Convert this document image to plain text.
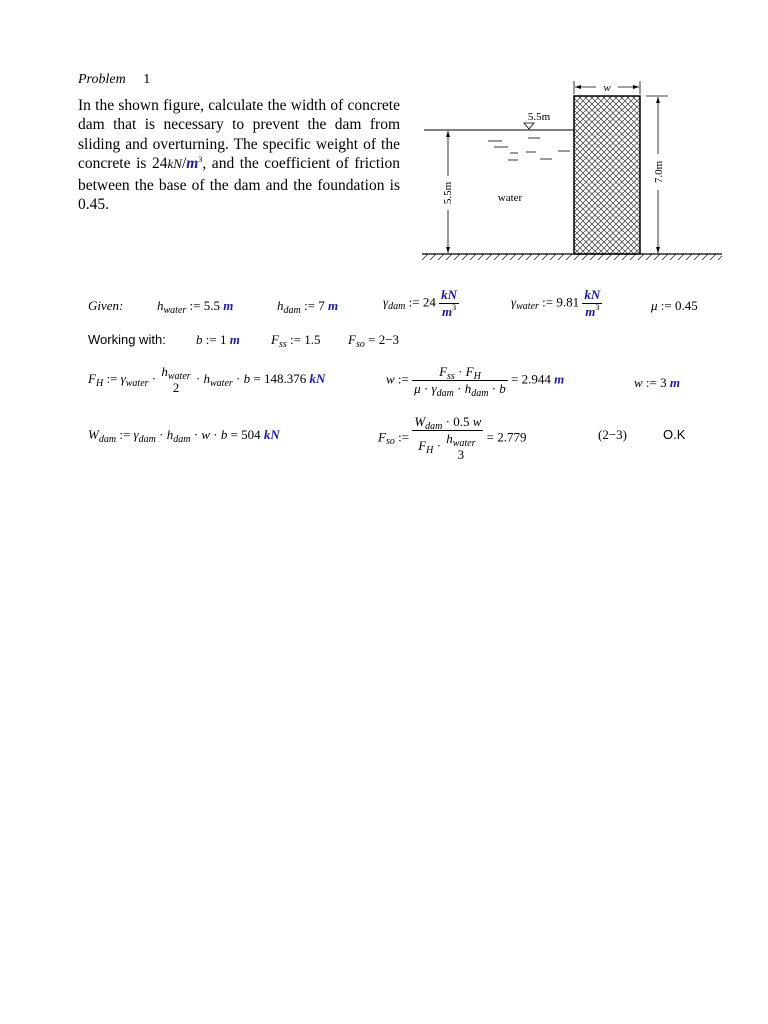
Problem 1
In the shown figure, calculate the width of concrete dam that is necessary to prevent the dam from sliding and overturning. The specific weight of the concrete is $24kN/m^3$, and the coefficient of friction between the base of the dam and the foundation is 0.45.
w
5.5m
5.5m	water
7.0m
Given:	$h_{water}$ := 5.5 m	$h_{dam}$ := 7 m	$\gamma_{dam}$ := $24 \frac{kN}{m^3}$	$\gamma_{water}$ := $9.81 \frac{kN}{m^3}$	μ := 0.45
Working with: b := 1 m $F_{ss}$ := 1.5 $F_{so} = 2-3$
$F_H$ := $\gamma_{water} \cdot h_{water}$
2
· $h_{water} \cdot b = 148.376$ kN	w := $\frac{F_{ss} \cdot F_H}{\mu \cdot \gamma_{dam} \cdot h_{dam} \cdot b} = 2.944$ m	w := 3 m
$W_{dam}$ := $\gamma_{dam} \cdot h_{dam} \cdot w \cdot b = 504$ kN	$F_{so}$ := $W_{dam} \cdot 0.5$ w
$F_H \cdot h_{water}$
3 = 2.779	(2−3)	O.K
